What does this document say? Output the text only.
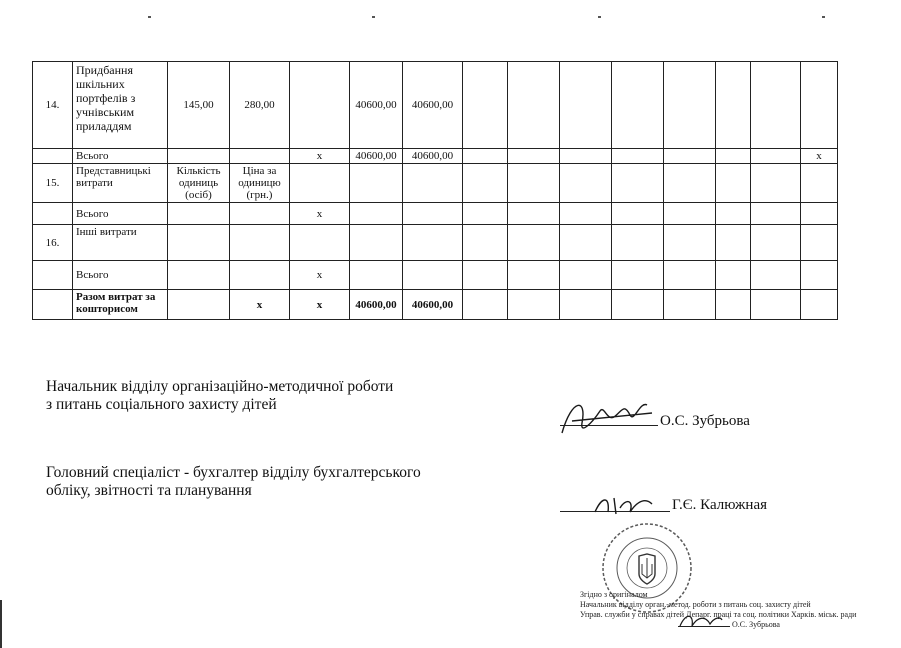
14.	Придбання шкільних портфелів з учнівським приладдям	145,00	280,00		40600,00	40600,00								
	Всього			х	40600,00	40600,00								х
15.	Представницькі витрати	Кількість одиниць (осіб)	Ціна за одиницю (грн.)											
	Всього			х										
16.	Інші витрати													
	Всього			х										
	Разом витрат за кошторисом		х	х	40600,00	40600,00								
Начальник відділу організаційно-методичної роботи з питань соціального захисту дітей
О.С. Зубрьова
Головний спеціаліст - бухгалтер відділу бухгалтерського обліку, звітності та планування
Г.Є. Калюжная
Згідно з оригіналом
Начальник відділу орган.-метод. роботи з питань соц. захисту дітей
Управ. служби у справах дітей Депарг. праці та соц. політики Харків. міськ. ради
О.С. Зубрьова
